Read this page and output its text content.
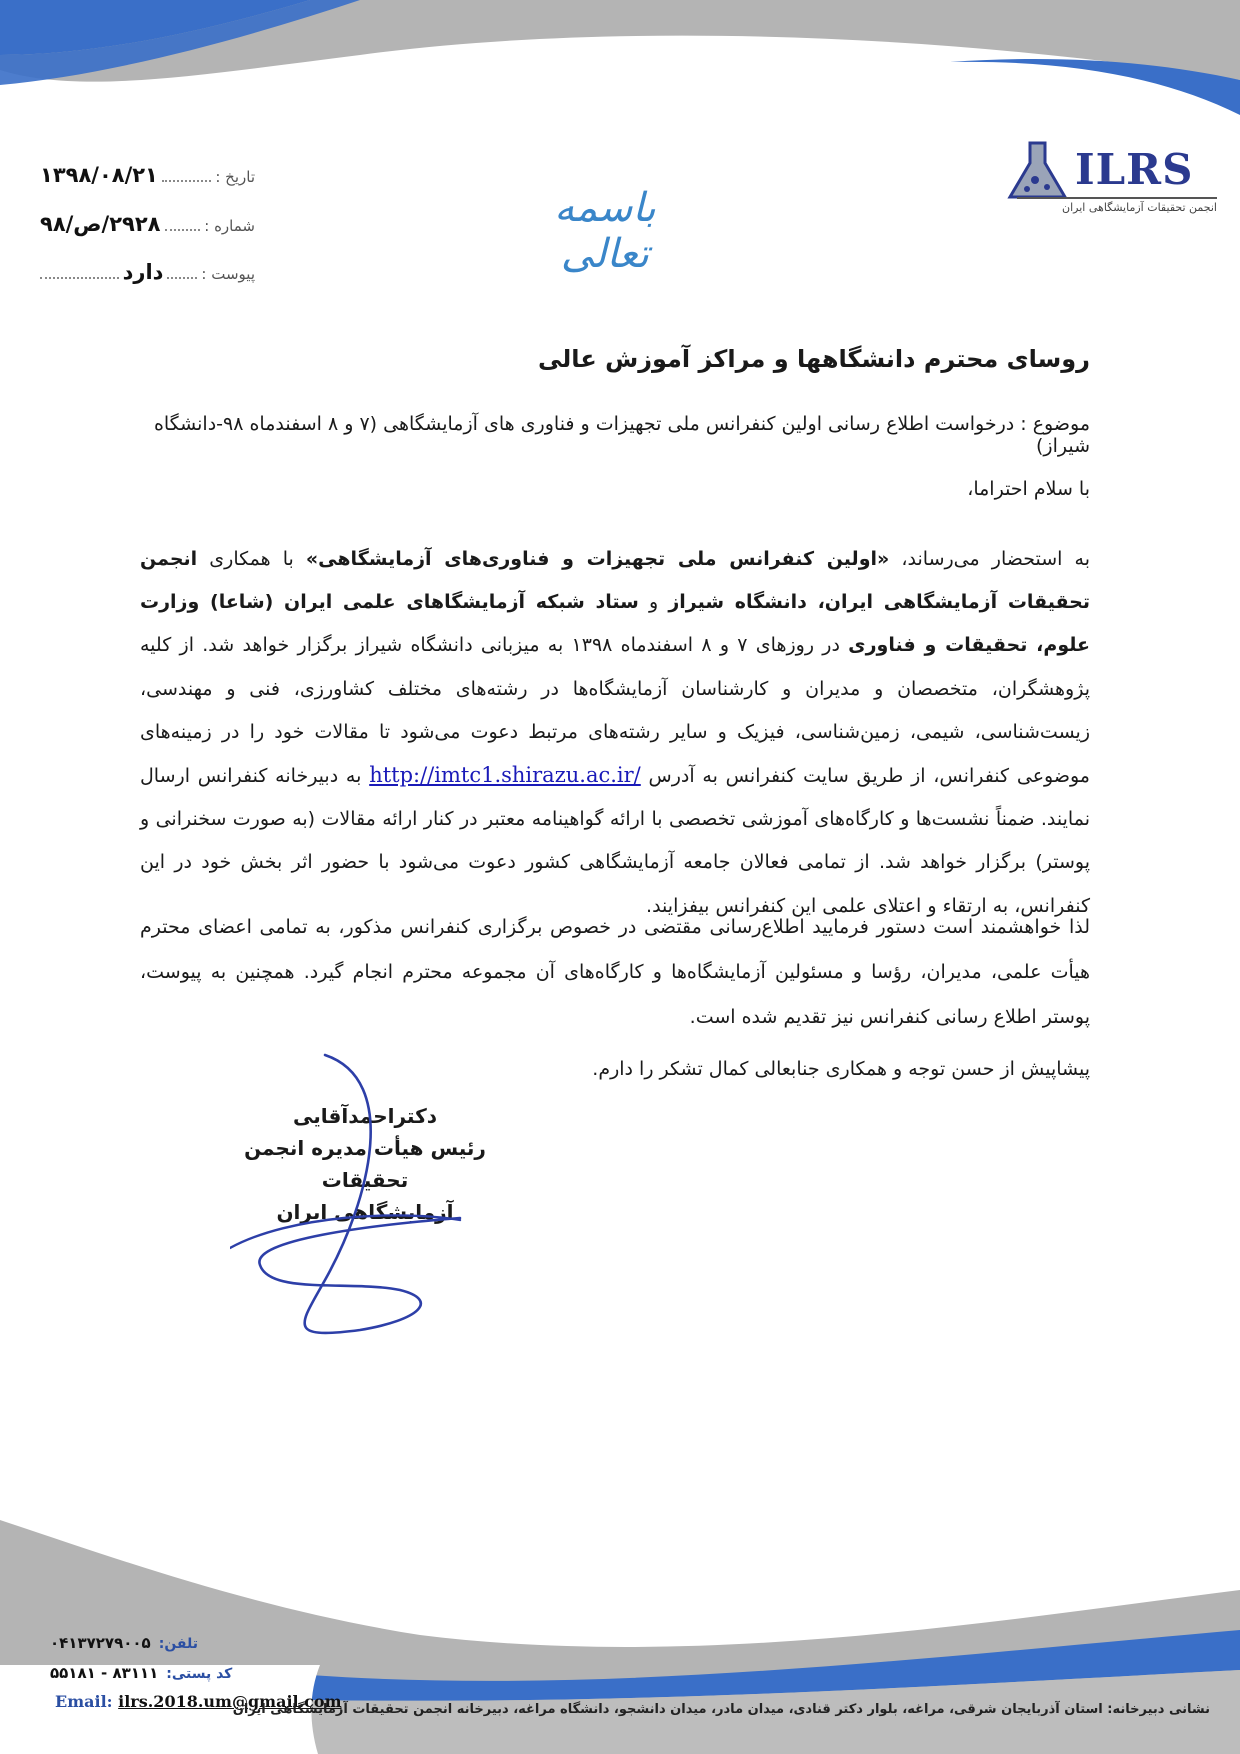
ILRS
انجمن تحقیقات آزمایشگاهی ایران
باسمه تعالی
تاریخ :
۱۳۹۸/۰۸/۲۱
شماره :
۲۹۲۸/ص/۹۸
پیوست :
دارد
روسای محترم دانشگاهها و مراکز آموزش عالی
موضوع : درخواست اطلاع رسانی اولین کنفرانس ملی تجهیزات و فناوری های آزمایشگاهی (۷ و ۸ اسفندماه ۹۸-دانشگاه شیراز)
با سلام احتراما،
به استحضار می‌رساند، «اولین کنفرانس ملی تجهیزات و فناوری‌های آزمایشگاهی» با همکاری انجمن تحقیقات آزمایشگاهی ایران، دانشگاه شیراز و ستاد شبکه آزمایشگاهای علمی ایران (شاعا) وزارت علوم، تحقیقات و فناوری در روزهای ۷ و ۸ اسفندماه ۱۳۹۸ به میزبانی دانشگاه شیراز برگزار خواهد شد. از کلیه پژوهشگران، متخصصان و مدیران و کارشناسان آزمایشگاه‌ها در رشته‌های مختلف کشاورزی، فنی و مهندسی، زیست‌شناسی، شیمی، زمین‌شناسی، فیزیک و سایر رشته‌های مرتبط دعوت می‌شود تا مقالات خود را در زمینه‌های موضوعی کنفرانس، از طریق سایت کنفرانس به آدرس http://imtc1.shirazu.ac.ir/ به دبیرخانه کنفرانس ارسال نمایند. ضمناً نشست‌ها و کارگاه‌های آموزشی تخصصی با ارائه گواهینامه معتبر در کنار ارائه مقالات (به صورت سخنرانی و پوستر) برگزار خواهد شد. از تمامی فعالان جامعه آزمایشگاهی کشور دعوت می‌شود با حضور اثر بخش خود در این کنفرانس، به ارتقاء و اعتلای علمی این کنفرانس بیفزایند.
لذا خواهشمند است دستور فرمایید اطلاع‌رسانی مقتضی در خصوص برگزاری کنفرانس مذکور، به تمامی اعضای محترم هیأت علمی، مدیران، رؤسا و مسئولین آزمایشگاه‌ها و کارگاه‌های آن مجموعه محترم انجام گیرد. همچنین به پیوست، پوستر اطلاع رسانی کنفرانس نیز تقدیم شده است.
پیشاپیش از حسن توجه و همکاری جنابعالی کمال تشکر را دارم.
دکتراحمدآقایی
رئیس هیأت مدیره انجمن تحقیقات
آزمایشگاهی ایران
تلفن:
۰۴۱۳۷۲۷۹۰۰۵
کد پستی:
۸۳۱۱۱ - ۵۵۱۸۱
Email: ilrs.2018.um@gmail.com
نشانی دبیرخانه: استان آذربایجان شرقی، مراغه، بلوار دکتر قنادی، میدان مادر، میدان دانشجو، دانشگاه مراغه، دبیرخانه انجمن تحقیقات آزمایشگاهی ایران
